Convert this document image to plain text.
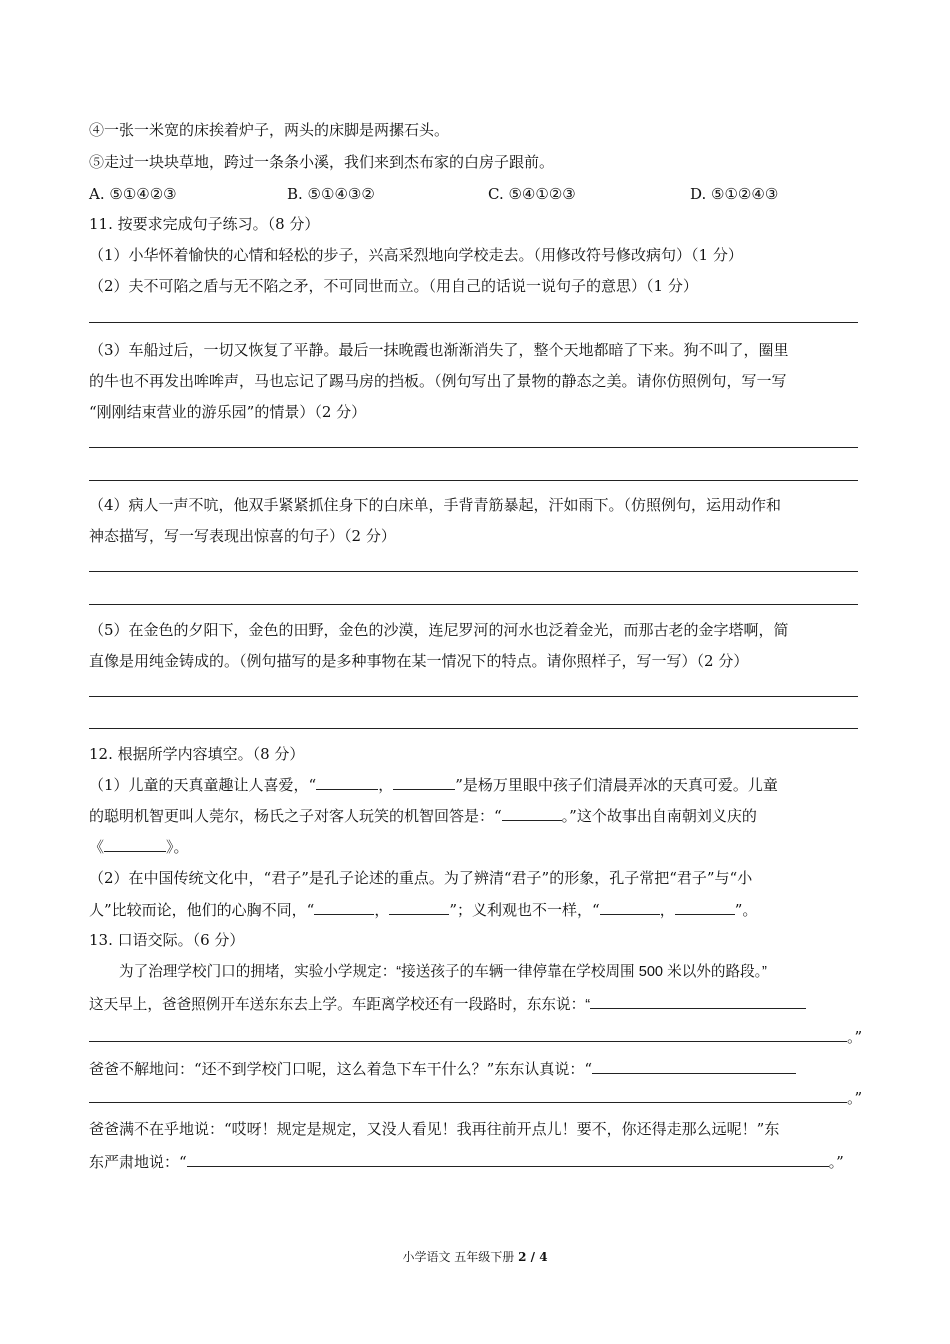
④一张一米宽的床挨着炉子，两头的床脚是两摞石头。
⑤走过一块块草地，跨过一条条小溪，我们来到杰布家的白房子跟前。
A. ⑤①④②③	B. ⑤①④③②	C. ⑤④①②③	D. ⑤①②④③
11. 按要求完成句子练习。（8 分）
（1）小华怀着愉快的心情和轻松的步子，兴高采烈地向学校走去。（用修改符号修改病句）（1 分）
（2）夫不可陷之盾与无不陷之矛，不可同世而立。（用自己的话说一说句子的意思）（1 分）
（3）车船过后，一切又恢复了平静。最后一抹晚霞也渐渐消失了，整个天地都暗了下来。狗不叫了，圈里
的牛也不再发出哞哞声，马也忘记了踢马房的挡板。（例句写出了景物的静态之美。请你仿照例句，写一写
“刚刚结束营业的游乐园”的情景）（2 分）
（4）病人一声不吭，他双手紧紧抓住身下的白床单，手背青筋暴起，汗如雨下。（仿照例句，运用动作和
神态描写，写一写表现出惊喜的句子）（2 分）
（5）在金色的夕阳下，金色的田野，金色的沙漠，连尼罗河的河水也泛着金光，而那古老的金字塔啊，简
直像是用纯金铸成的。（例句描写的是多种事物在某一情况下的特点。请你照样子，写一写）（2 分）
12. 根据所学内容填空。（8 分）
（1）儿童的天真童趣让人喜爱，“	，	”是杨万里眼中孩子们清晨弄冰的天真可爱。儿童
的聪明机智更叫人莞尔，杨氏之子对客人玩笑的机智回答是：“	。”这个故事出自南朝刘义庆的
《	》。
（2）在中国传统文化中，“君子”是孔子论述的重点。为了辨清“君子”的形象，孔子常把“君子”与“小
人”比较而论，他们的心胸不同，“	，	”；义利观也不一样，“	，	”。
13. 口语交际。（6 分）
为了治理学校门口的拥堵，实验小学规定：“接送孩子的车辆一律停靠在学校周围 500 米以外的路段。”
这天早上，爸爸照例开车送东东去上学。车距离学校还有一段路时，东东说：“
。”
爸爸不解地问：“还不到学校门口呢，这么着急下车干什么？”东东认真说：“
。”
爸爸满不在乎地说：“哎呀！规定是规定，又没人看见！我再往前开点儿！要不，你还得走那么远呢！”东
东严肃地说：“	。”
小学语文 五年级下册 2 / 4
